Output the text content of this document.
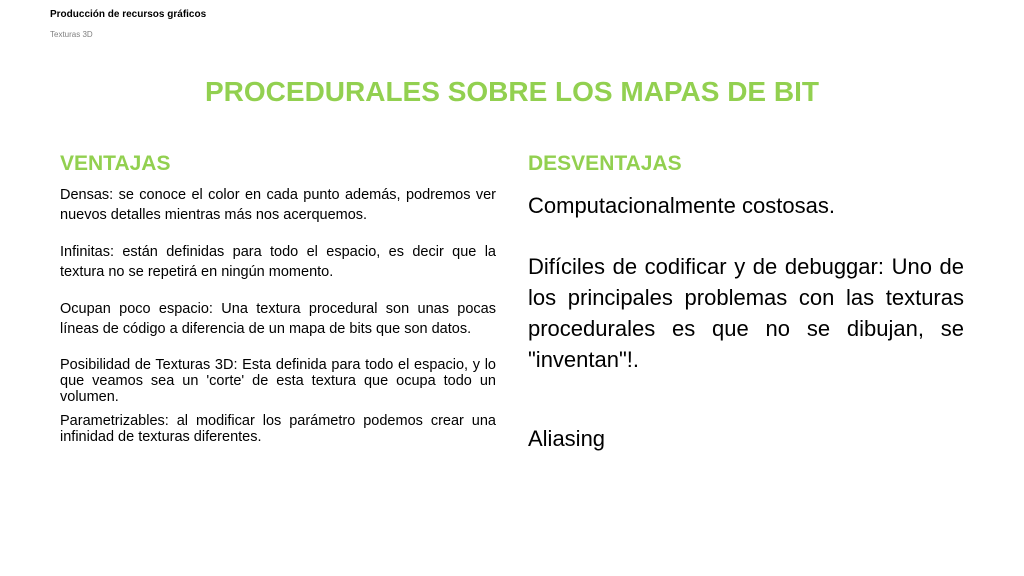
Producción de recursos gráficos
Texturas 3D
PROCEDURALES SOBRE LOS MAPAS DE BIT
VENTAJAS	DESVENTAJAS

Densas: se conoce el color en cada punto además, podremos ver nuevos detalles mientras más nos acerquemos.

Infinitas: están definidas para todo el espacio, es decir que la textura no se repetirá en ningún momento.

Ocupan poco espacio: Una textura procedural son unas pocas líneas de código a diferencia de un mapa de bits que son datos.

Posibilidad de Texturas 3D: Esta definida para todo el espacio, y lo que veamos sea un 'corte' de esta textura que ocupa todo un volumen.

Parametrizables: al modificar los parámetro podemos crear una infinidad de texturas diferentes.

Computacionalmente costosas.

Difíciles de codificar y de debuggar: Uno de los principales problemas con las texturas procedurales es que no se dibujan, se "inventan"!.

Aliasing
